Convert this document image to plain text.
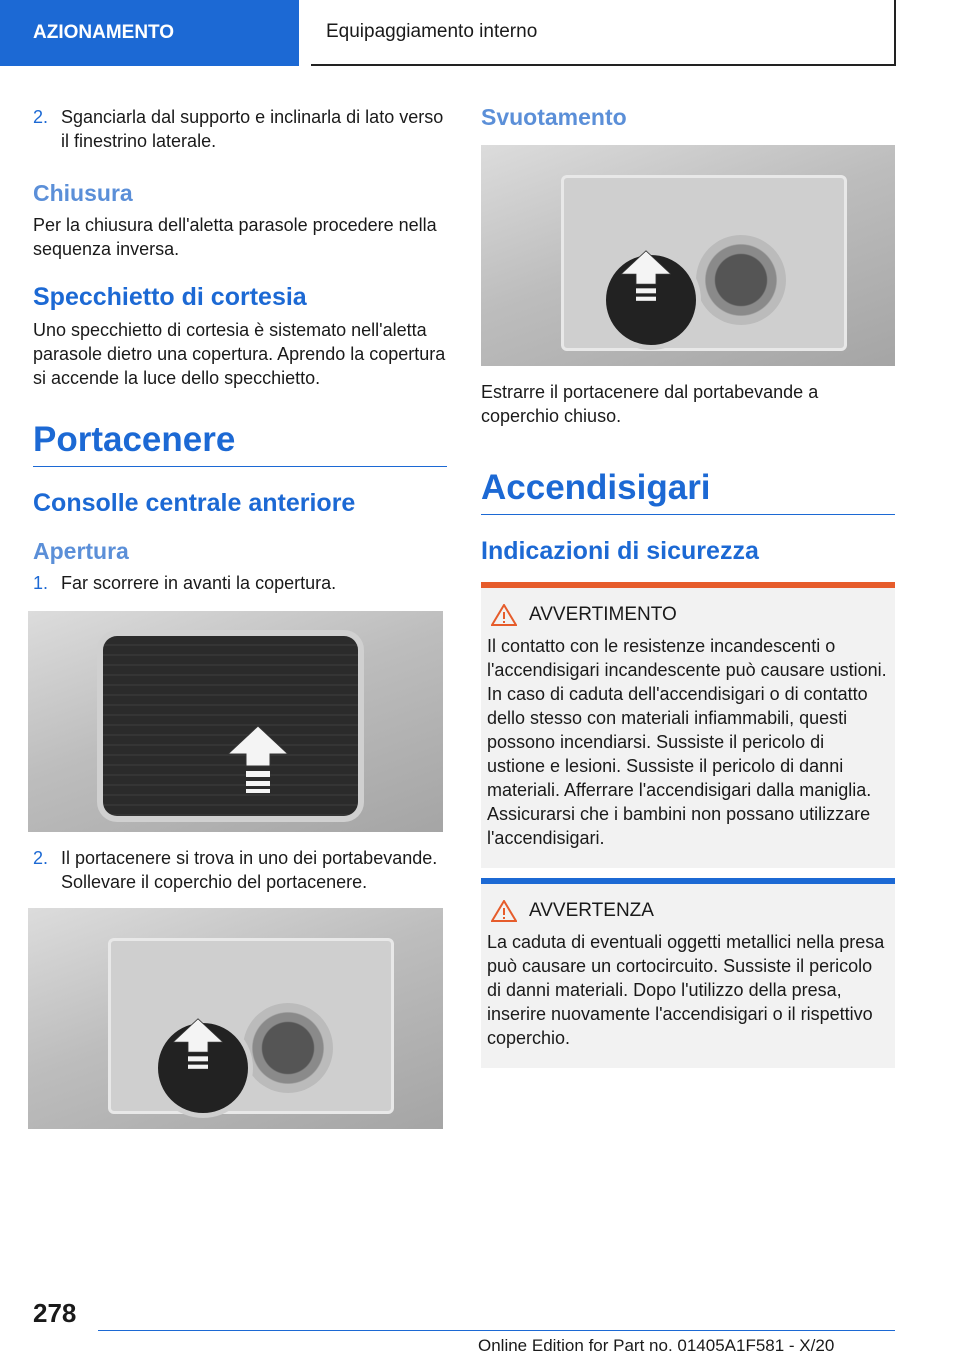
AZIONAMENTO	Equipaggiamento interno
2. Sganciarla dal supporto e inclinarla di lato verso il finestrino laterale.
Chiusura

Per la chiusura dell'aletta parasole procedere nella sequenza inversa.

Specchietto di cortesia

Uno specchietto di cortesia è sistemato nell'aletta parasole dietro una copertura. Aprendo la copertura si accende la luce dello specchietto.

Portacenere
Consolle centrale anteriore
Apertura
1. Far scorrere in avanti la copertura.
2. Il portacenere si trova in uno dei portabevande. Sollevare il coperchio del portacenere.
Svuotamento

Estrarre il portacenere dal portabevande a coperchio chiuso.

Accendisigari
Indicazioni di sicurezza
AVVERTIMENTO

Il contatto con le resistenze incandescenti o l'accendisigari incandescente può causare ustioni. In caso di caduta dell'accendisigari o di contatto dello stesso con materiali infiammabili, questi possono incendiarsi. Sussiste il pericolo di ustione e lesioni. Sussiste il pericolo di danni materiali. Afferrare l'accendisigari dalla maniglia. Assicurarsi che i bambini non possano utilizzare l'accendisigari.

AVVERTENZA

La caduta di eventuali oggetti metallici nella presa può causare un cortocircuito. Sussiste il pericolo di danni materiali. Dopo l'utilizzo della presa, inserire nuovamente l'accendisigari o il rispettivo coperchio.

278
Online Edition for Part no. 01405A1F581 - X/20
